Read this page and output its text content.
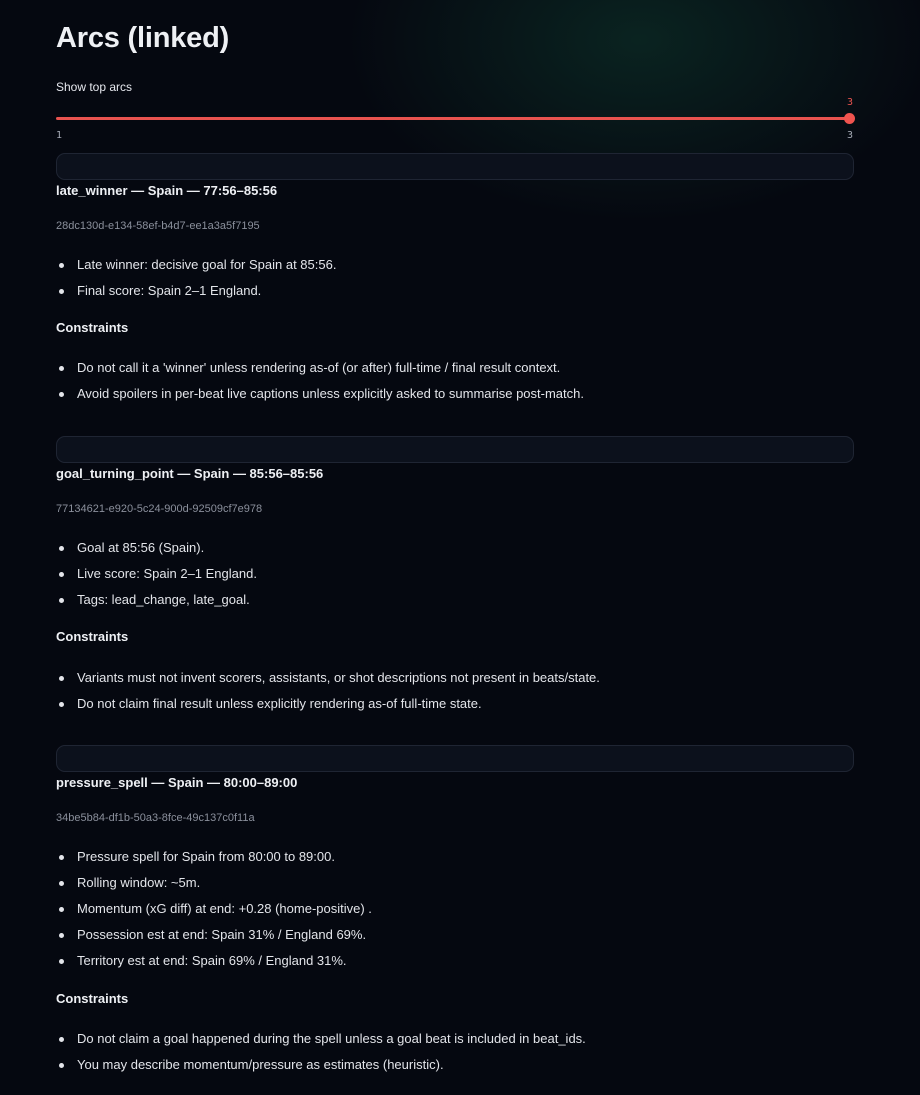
Arcs (linked)
Show top arcs
3
1	3
late_winner — Spain — 77:56–85:56
28dc130d-e134-58ef-b4d7-ee1a3a5f7195
Late winner: decisive goal for Spain at 85:56.
Final score: Spain 2–1 England.
Constraints
Do not call it a 'winner' unless rendering as-of (or after) full-time / final result context.
Avoid spoilers in per-beat live captions unless explicitly asked to summarise post-match.
goal_turning_point — Spain — 85:56–85:56
77134621-e920-5c24-900d-92509cf7e978
Goal at 85:56 (Spain).
Live score: Spain 2–1 England.
Tags: lead_change, late_goal.
Constraints
Variants must not invent scorers, assistants, or shot descriptions not present in beats/state.
Do not claim final result unless explicitly rendering as-of full-time state.
pressure_spell — Spain — 80:00–89:00
34be5b84-df1b-50a3-8fce-49c137c0f11a
Pressure spell for Spain from 80:00 to 89:00.
Rolling window: ~5m.
Momentum (xG diff) at end: +0.28 (home-positive) .
Possession est at end: Spain 31% / England 69%.
Territory est at end: Spain 69% / England 31%.
Constraints
Do not claim a goal happened during the spell unless a goal beat is included in beat_ids.
You may describe momentum/pressure as estimates (heuristic).
